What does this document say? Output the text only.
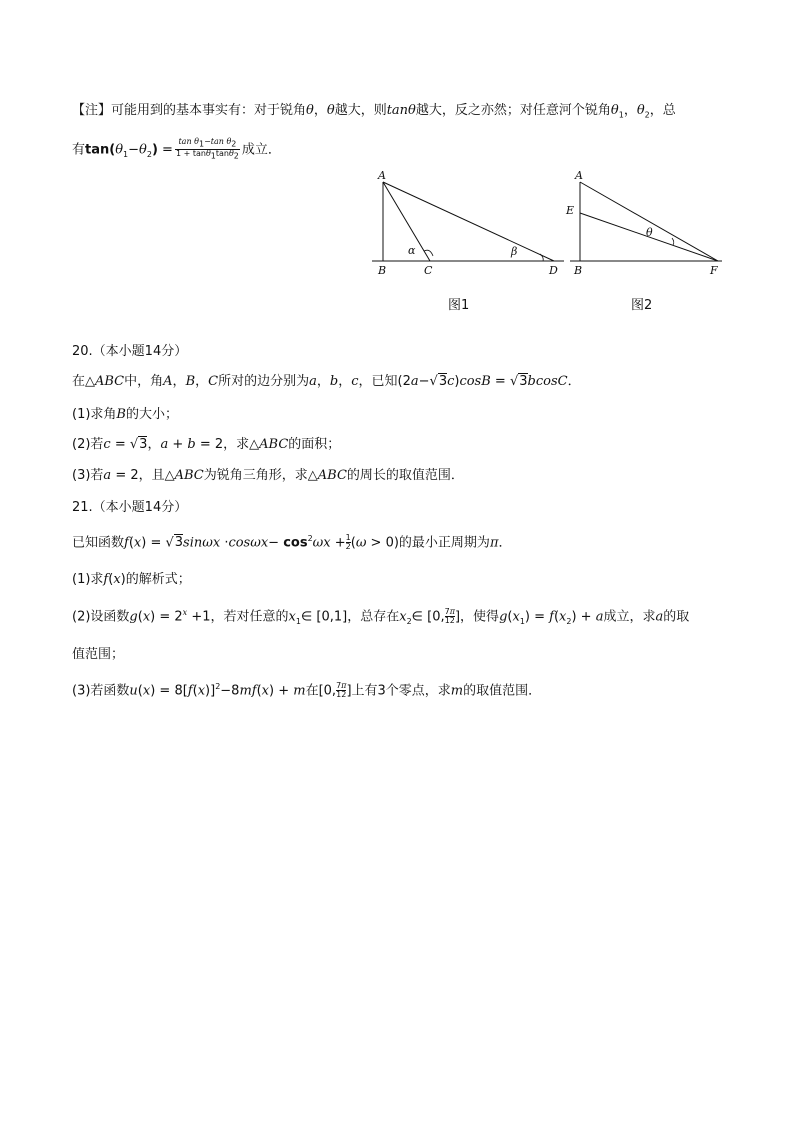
【注】可能用到的基本事实有：对于锐角θ，θ越大，则tanθ越大，反之亦然；对任意河个锐角$\theta_1$，$\theta_2$，总
有$\tan(\theta_1-\theta_2) = \frac{\tan \theta_1-\tan \theta_2}{1 + \tan\theta_1\tan\theta_2}$ 成立．
A
B	C	D
α	β
图1
A
E
B	F
θ
图2
20.（本小题14分）
在△ABC中，角A，B，C所对的边分别为a，b，c，已知(2a−√3c)cosB = √3bcosC．
(1)求角B的大小；
(2)若c = √3，a + b = 2，求△ABC的面积；
(3)若a = 2，且△ABC为锐角三角形，求△ABC的周长的取值范围．
21.（本小题14分）
已知函数$f(x) = √3\sin\omega x \cdot\cos\omega x- \cos^2\omega x + \frac{1}{2}(\omega > 0)$的最小正周期为π．
(1)求f(x)的解析式；
(2)设函数$g(x) = 2^x +1$，若对任意的$x_1\in$ [0,1]，总存在$x_2\in$ [0, $\frac{7\pi}{12}$]，使得$g(x_1) = f(x_2) + a$成立，求a的取
值范围；
(3)若函数$u(x) = 8[f(x)]^2-8mf(x) + m$在[0, $\frac{7\pi}{12}$]上有3个零点，求m的取值范围．
